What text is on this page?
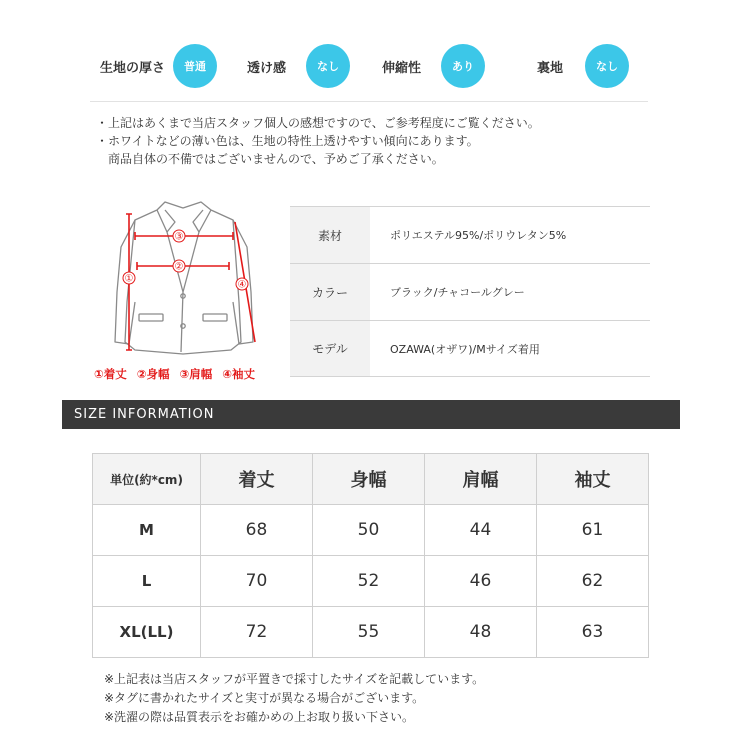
生地の厚さ	普通	透け感	なし	伸縮性	あり	裏地	なし

・上記はあくまで当店スタッフ個人の感想ですので、ご参考程度にご覧ください。

・ホワイトなどの薄い色は、生地の特性上透けやすい傾向にあります。

　商品自体の不備ではございませんので、予めご了承ください。

①
②
③
④
①着丈 ②身幅 ③肩幅 ④袖丈
素材	ポリエステル95%/ポリウレタン5%
カラー	ブラック/チャコールグレー
モデル	OZAWA(オザワ)/Mサイズ着用
SIZE INFORMATION
単位(約*cm)	着丈	身幅	肩幅	袖丈
M	68	50	44	61
L	70	52	46	62
XL(LL)	72	55	48	63

※上記表は当店スタッフが平置きで採寸したサイズを記載しています。

※タグに書かれたサイズと実寸が異なる場合がございます。

※洗濯の際は品質表示をお確かめの上お取り扱い下さい。
